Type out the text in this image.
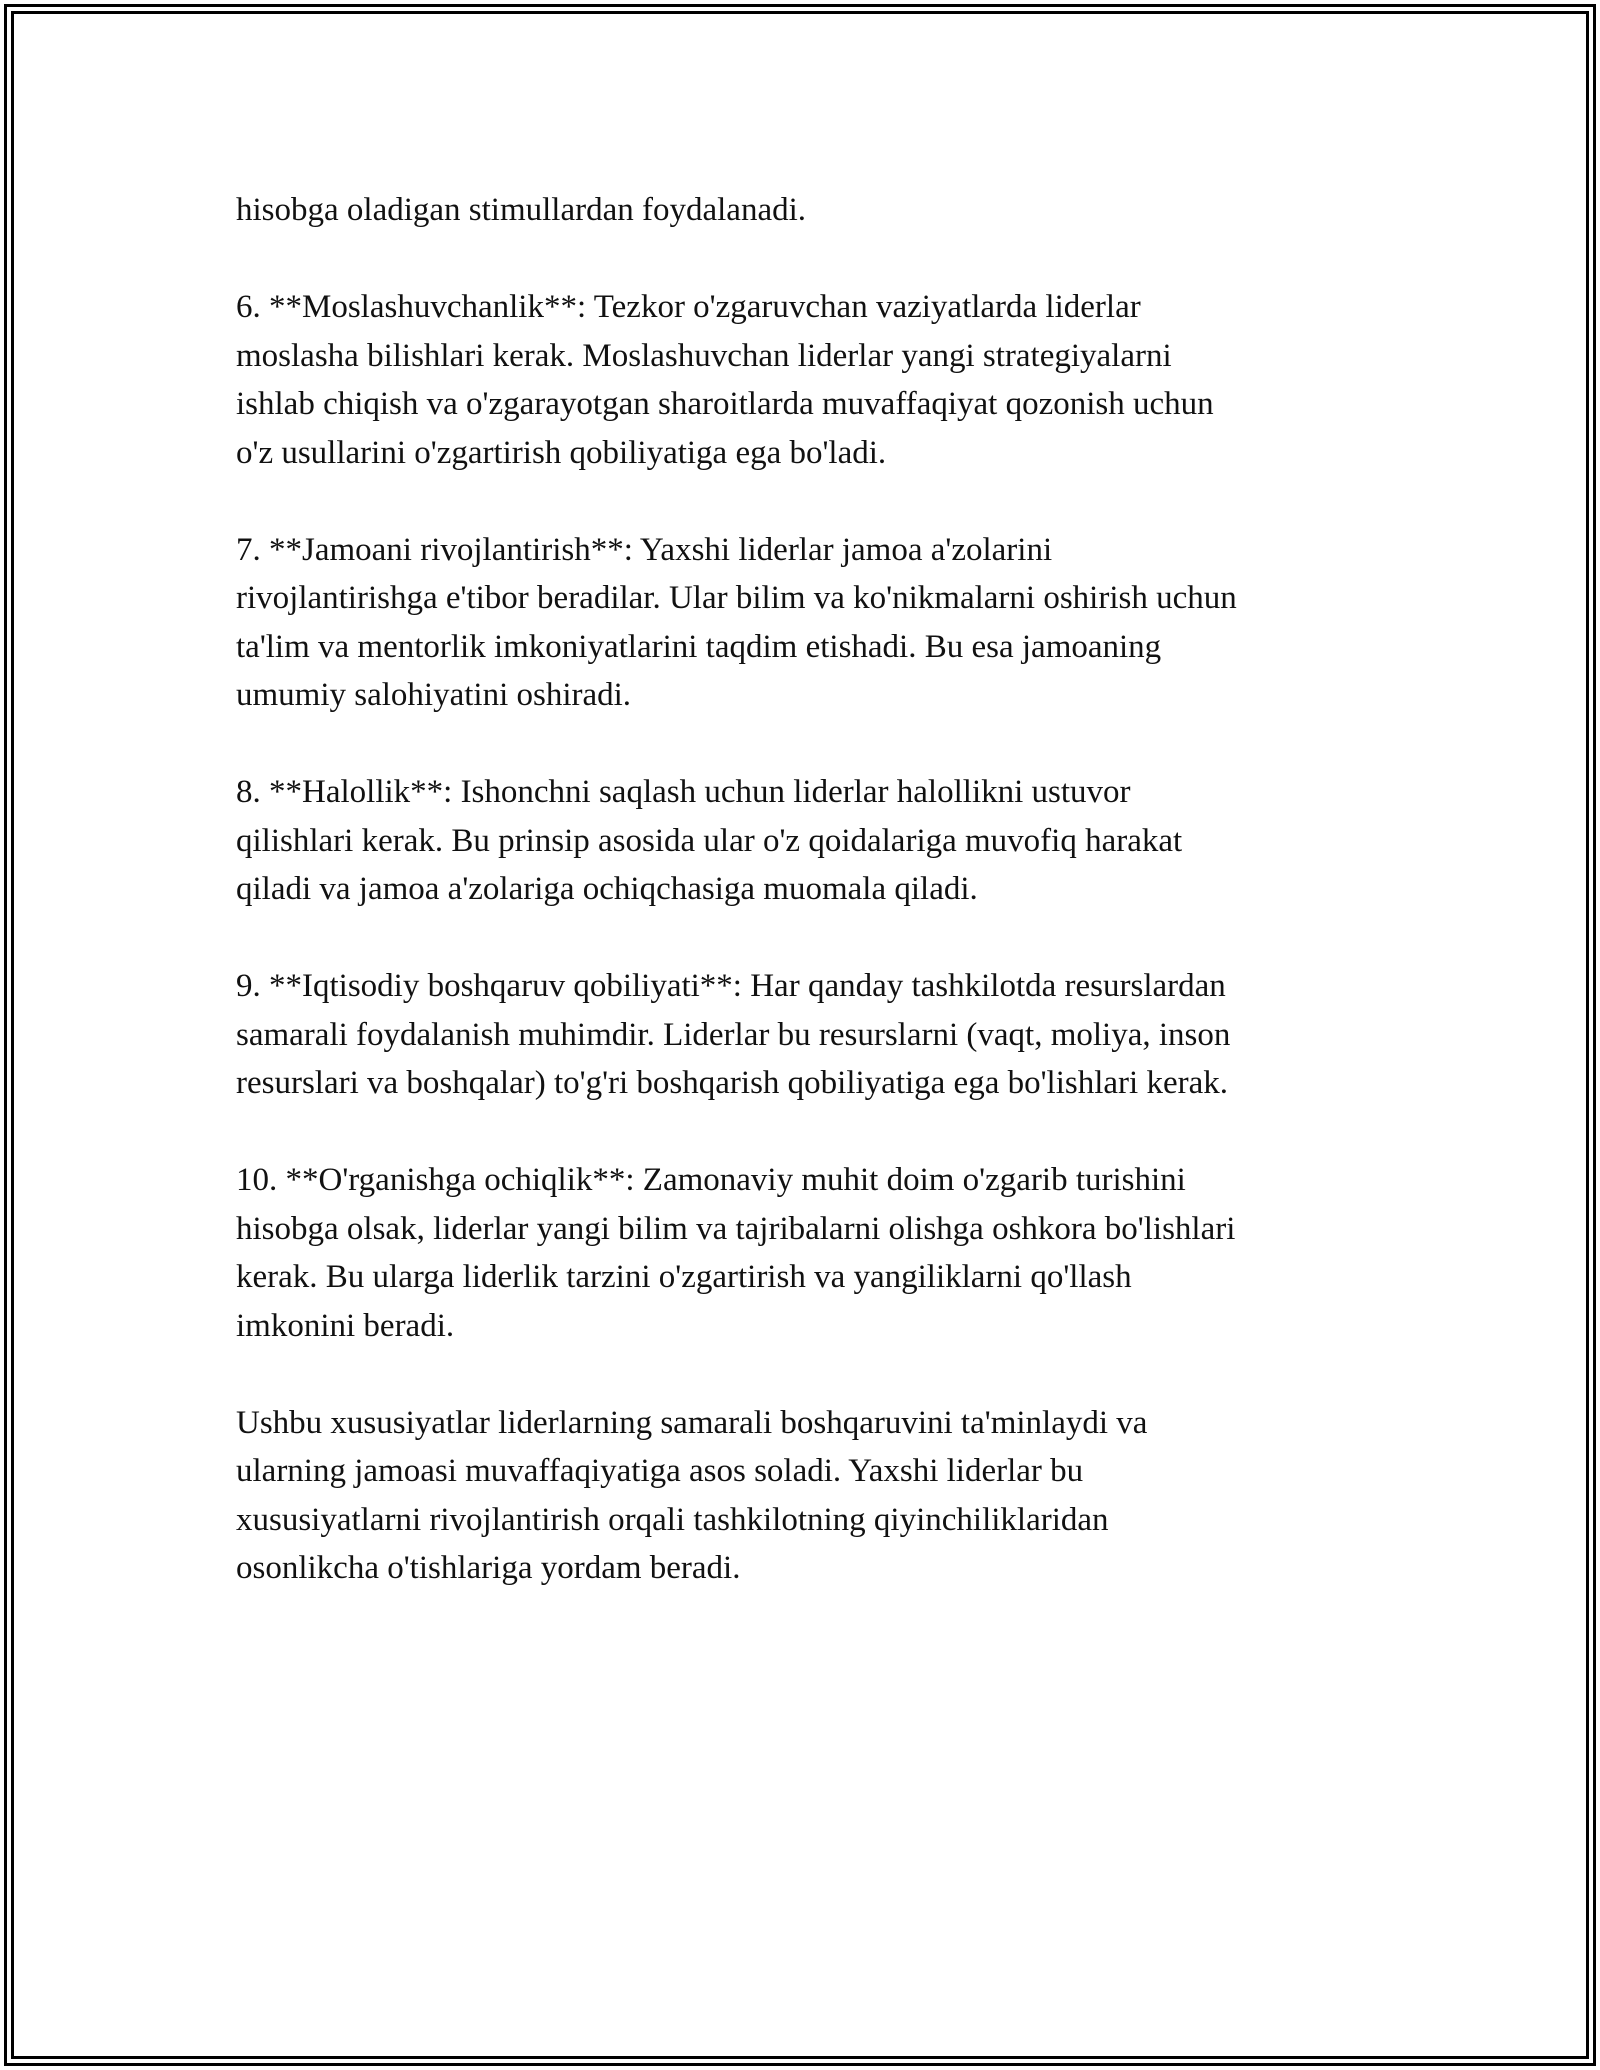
hisobga oladigan stimullardan foydalanadi.

6. **Moslashuvchanlik**: Tezkor o'zgaruvchan vaziyatlarda liderlar
moslasha bilishlari kerak. Moslashuvchan liderlar yangi strategiyalarni
ishlab chiqish va o'zgarayotgan sharoitlarda muvaffaqiyat qozonish uchun
o'z usullarini o'zgartirish qobiliyatiga ega bo'ladi.

7. **Jamoani rivojlantirish**: Yaxshi liderlar jamoa a'zolarini
rivojlantirishga e'tibor beradilar. Ular bilim va ko'nikmalarni oshirish uchun
ta'lim va mentorlik imkoniyatlarini taqdim etishadi. Bu esa jamoaning
umumiy salohiyatini oshiradi.

8. **Halollik**: Ishonchni saqlash uchun liderlar halollikni ustuvor
qilishlari kerak. Bu prinsip asosida ular o'z qoidalariga muvofiq harakat
qiladi va jamoa a'zolariga ochiqchasiga muomala qiladi.

9. **Iqtisodiy boshqaruv qobiliyati**: Har qanday tashkilotda resurslardan
samarali foydalanish muhimdir. Liderlar bu resurslarni (vaqt, moliya, inson
resurslari va boshqalar) to'g'ri boshqarish qobiliyatiga ega bo'lishlari kerak.

10. **O'rganishga ochiqlik**: Zamonaviy muhit doim o'zgarib turishini
hisobga olsak, liderlar yangi bilim va tajribalarni olishga oshkora bo'lishlari
kerak. Bu ularga liderlik tarzini o'zgartirish va yangiliklarni qo'llash
imkonini beradi.

Ushbu xususiyatlar liderlarning samarali boshqaruvini ta'minlaydi va
ularning jamoasi muvaffaqiyatiga asos soladi. Yaxshi liderlar bu
xususiyatlarni rivojlantirish orqali tashkilotning qiyinchiliklaridan
osonlikcha o'tishlariga yordam beradi.
